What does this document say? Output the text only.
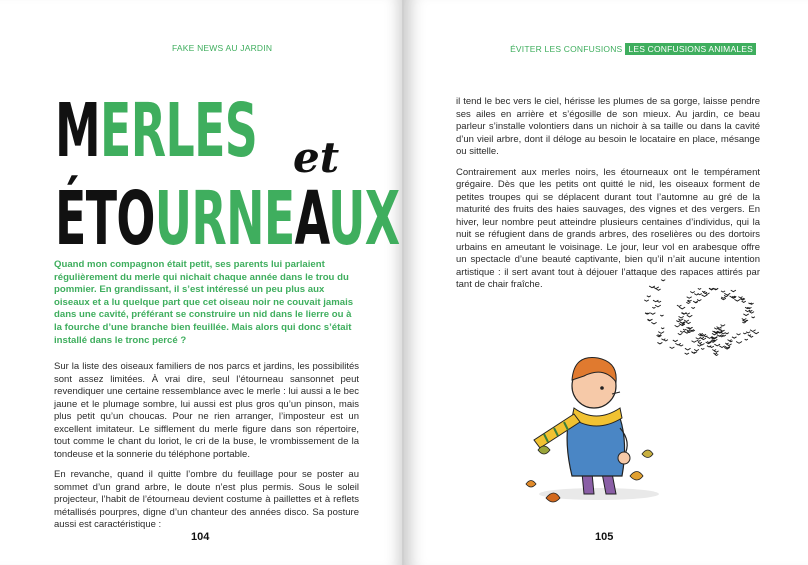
FAKE NEWS AU JARDIN
MERLES et
ÉTOURNEAUX

Quand mon compagnon était petit, ses parents lui parlaient régulièrement du merle qui nichait chaque année dans le trou du pommier. En grandissant, il s’est intéressé un peu plus aux oiseaux et a lu quelque part que cet oiseau noir ne couvait jamais dans une cavité, préférant se construire un nid dans le lierre ou à la fourche d’une branche bien feuillée. Mais alors qui donc s’était installé dans le tronc percé ?

Sur la liste des oiseaux familiers de nos parcs et jardins, les possibilités sont assez limitées. À vrai dire, seul l’étourneau sansonnet peut revendiquer une certaine ressemblance avec le merle : lui aussi a le bec jaune et le plumage sombre, lui aussi est plus gros qu’un pinson, mais plus petit qu’un choucas. Pour ne rien arranger, l’imposteur est un excellent imitateur. Le sifflement du merle figure dans son répertoire, tout comme le chant du loriot, le cri de la buse, le vrombissement de la tondeuse et la sonnerie du téléphone portable.

En revanche, quand il quitte l’ombre du feuillage pour se poster au sommet d’un grand arbre, le doute n’est plus permis. Sous le soleil projecteur, l’habit de l’étourneau devient costume à paillettes et à reflets métallisés pourpres, digne d’un chanteur des années disco. Sa posture aussi est caractéristique :

104
ÉVITER LES CONFUSIONS LES CONFUSIONS ANIMALES

il tend le bec vers le ciel, hérisse les plumes de sa gorge, laisse pendre ses ailes en arrière et s’égosille de son mieux. Au jardin, ce beau parleur s’installe volontiers dans un nichoir à sa taille ou dans la cavité d’un vieil arbre, dont il déloge au besoin le locataire en place, mésange ou sittelle.

Contrairement aux merles noirs, les étourneaux ont le tempérament grégaire. Dès que les petits ont quitté le nid, les oiseaux forment de petites troupes qui se déplacent durant tout l’automne au gré de la maturité des fruits des haies sauvages, des vignes et des vergers. En hiver, leur nombre peut atteindre plusieurs centaines d’individus, qui la nuit se réfugient dans de grands arbres, des roselières ou des dortoirs urbains en ameutant le voisinage. Le jour, leur vol en arabesque offre un spectacle d’une beauté captivante, bien qu’il n’ait aucune intention artistique : il sert avant tout à déjouer l’attaque des rapaces attirés par tant de chair fraîche.

105
